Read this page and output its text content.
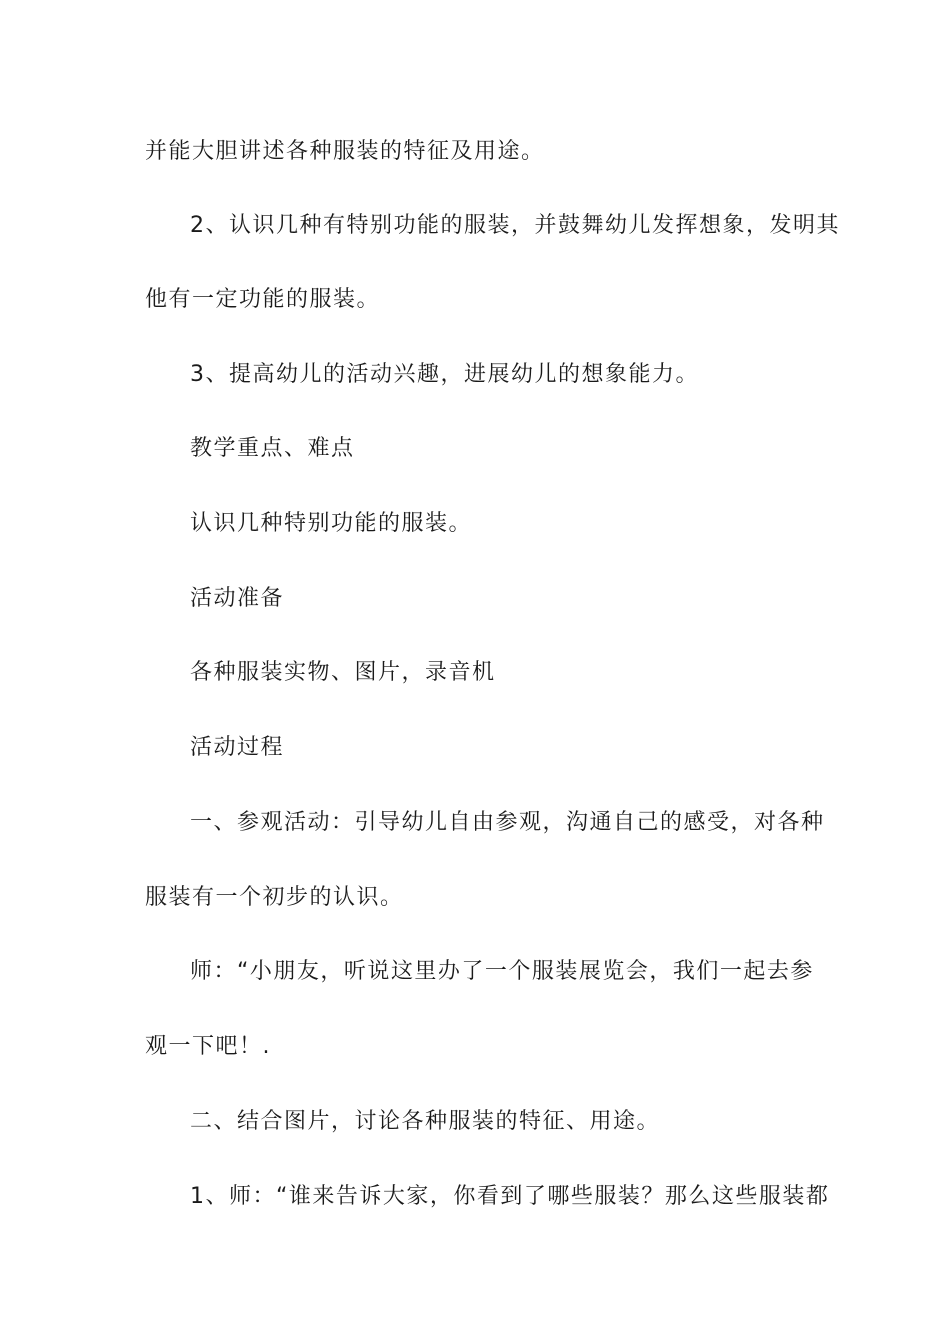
并能大胆讲述各种服装的特征及用途。
2、认识几种有特别功能的服装，并鼓舞幼儿发挥想象，发明其
他有一定功能的服装。
3、提高幼儿的活动兴趣，进展幼儿的想象能力。
教学重点、难点
认识几种特别功能的服装。
活动准备
各种服装实物、图片，录音机
活动过程
一、参观活动：引导幼儿自由参观，沟通自己的感受，对各种
服装有一个初步的认识。
师：“小朋友，听说这里办了一个服装展览会，我们一起去参
观一下吧！.
二、结合图片，讨论各种服装的特征、用途。
1、师：“谁来告诉大家，你看到了哪些服装？那么这些服装都
